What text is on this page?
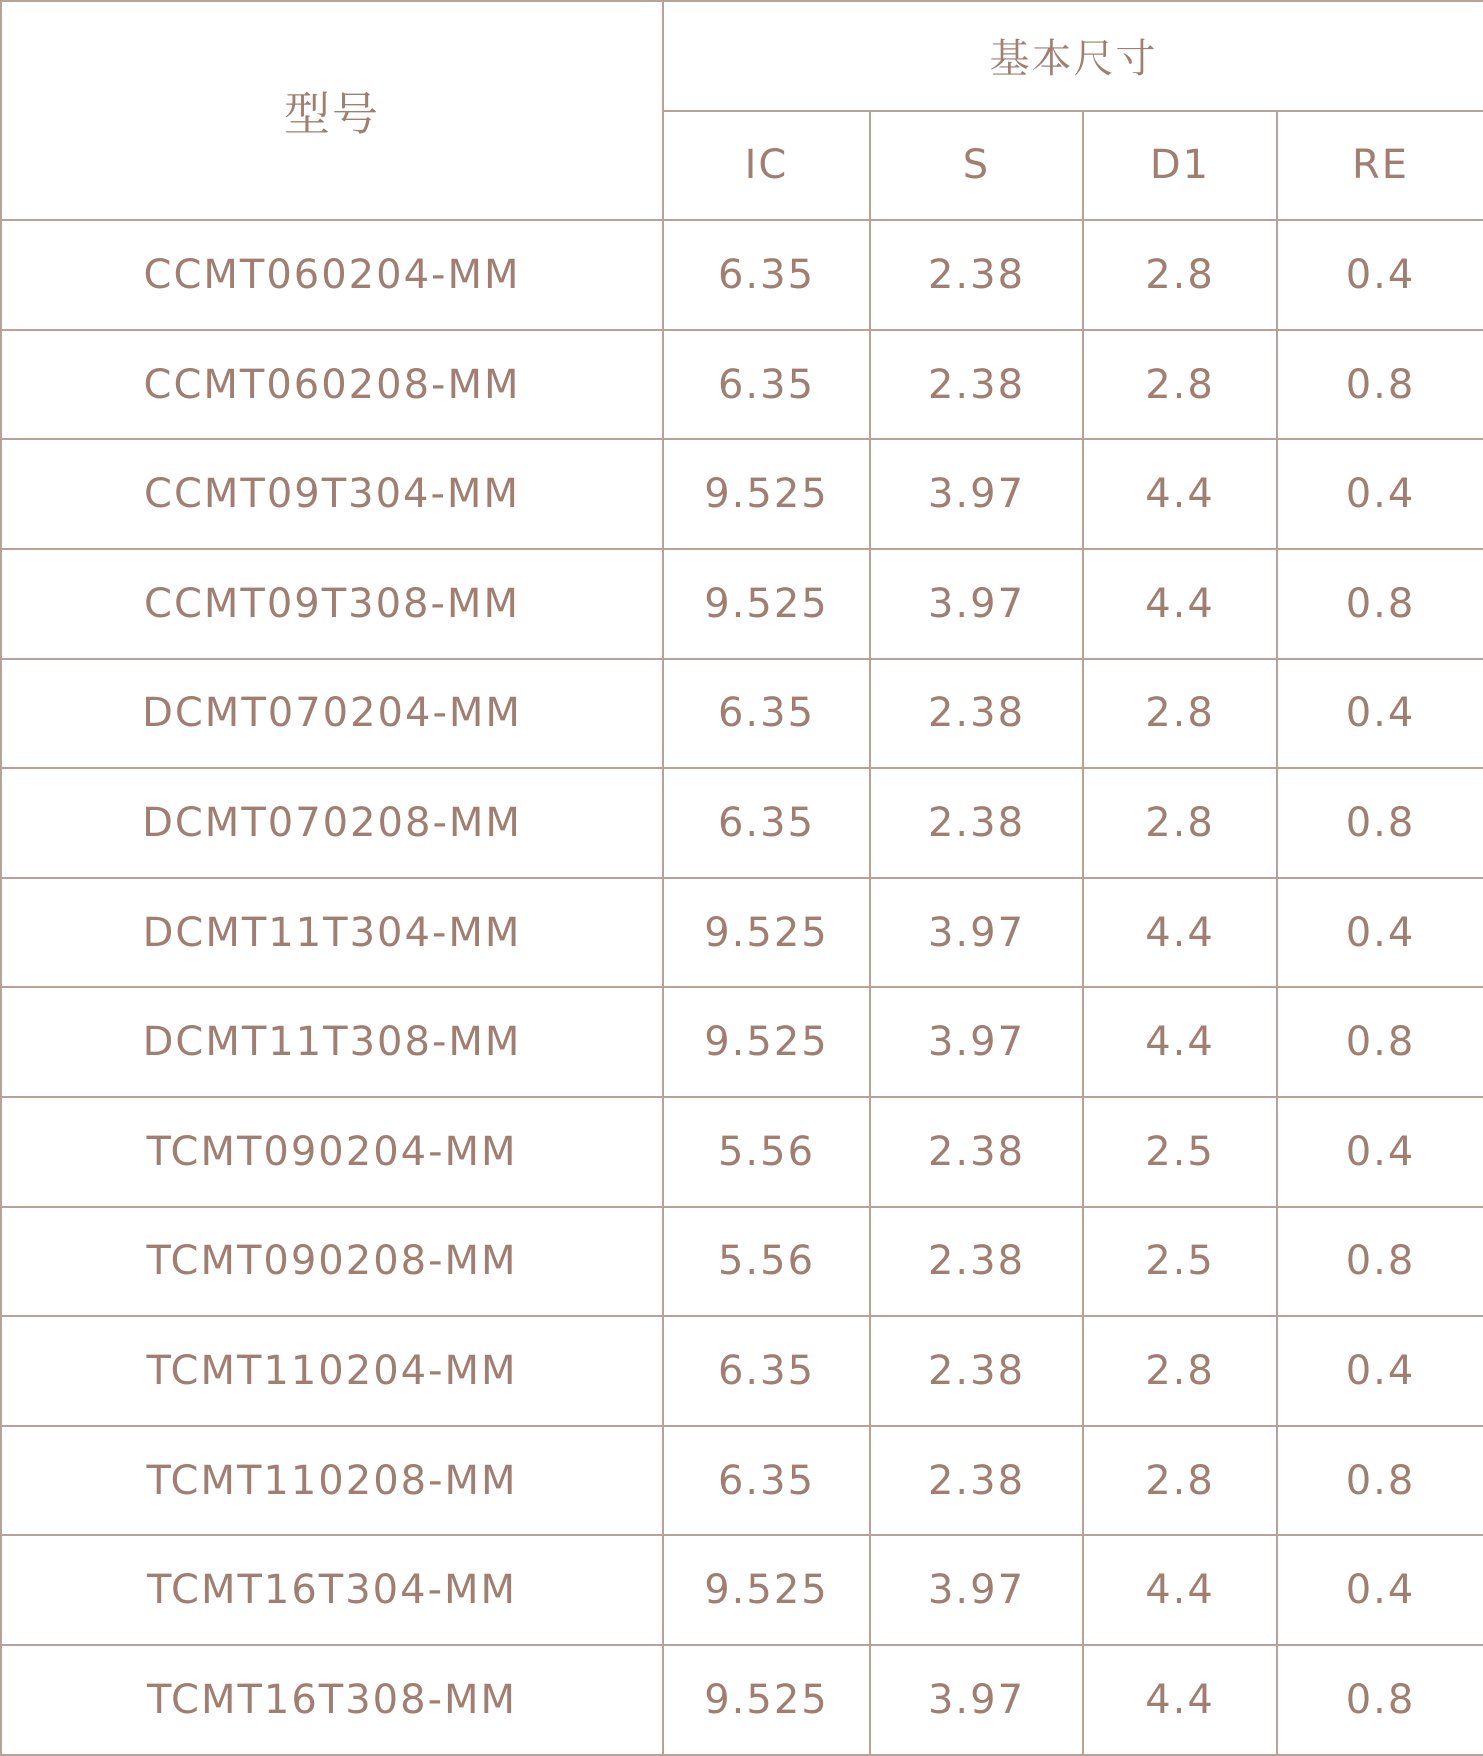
型号	基本尺寸			
	IC	S	D1	RE
CCMT060204-MM	6.35	2.38	2.8	0.4
CCMT060208-MM	6.35	2.38	2.8	0.8
CCMT09T304-MM	9.525	3.97	4.4	0.4
CCMT09T308-MM	9.525	3.97	4.4	0.8
DCMT070204-MM	6.35	2.38	2.8	0.4
DCMT070208-MM	6.35	2.38	2.8	0.8
DCMT11T304-MM	9.525	3.97	4.4	0.4
DCMT11T308-MM	9.525	3.97	4.4	0.8
TCMT090204-MM	5.56	2.38	2.5	0.4
TCMT090208-MM	5.56	2.38	2.5	0.8
TCMT110204-MM	6.35	2.38	2.8	0.4
TCMT110208-MM	6.35	2.38	2.8	0.8
TCMT16T304-MM	9.525	3.97	4.4	0.4
TCMT16T308-MM	9.525	3.97	4.4	0.8
